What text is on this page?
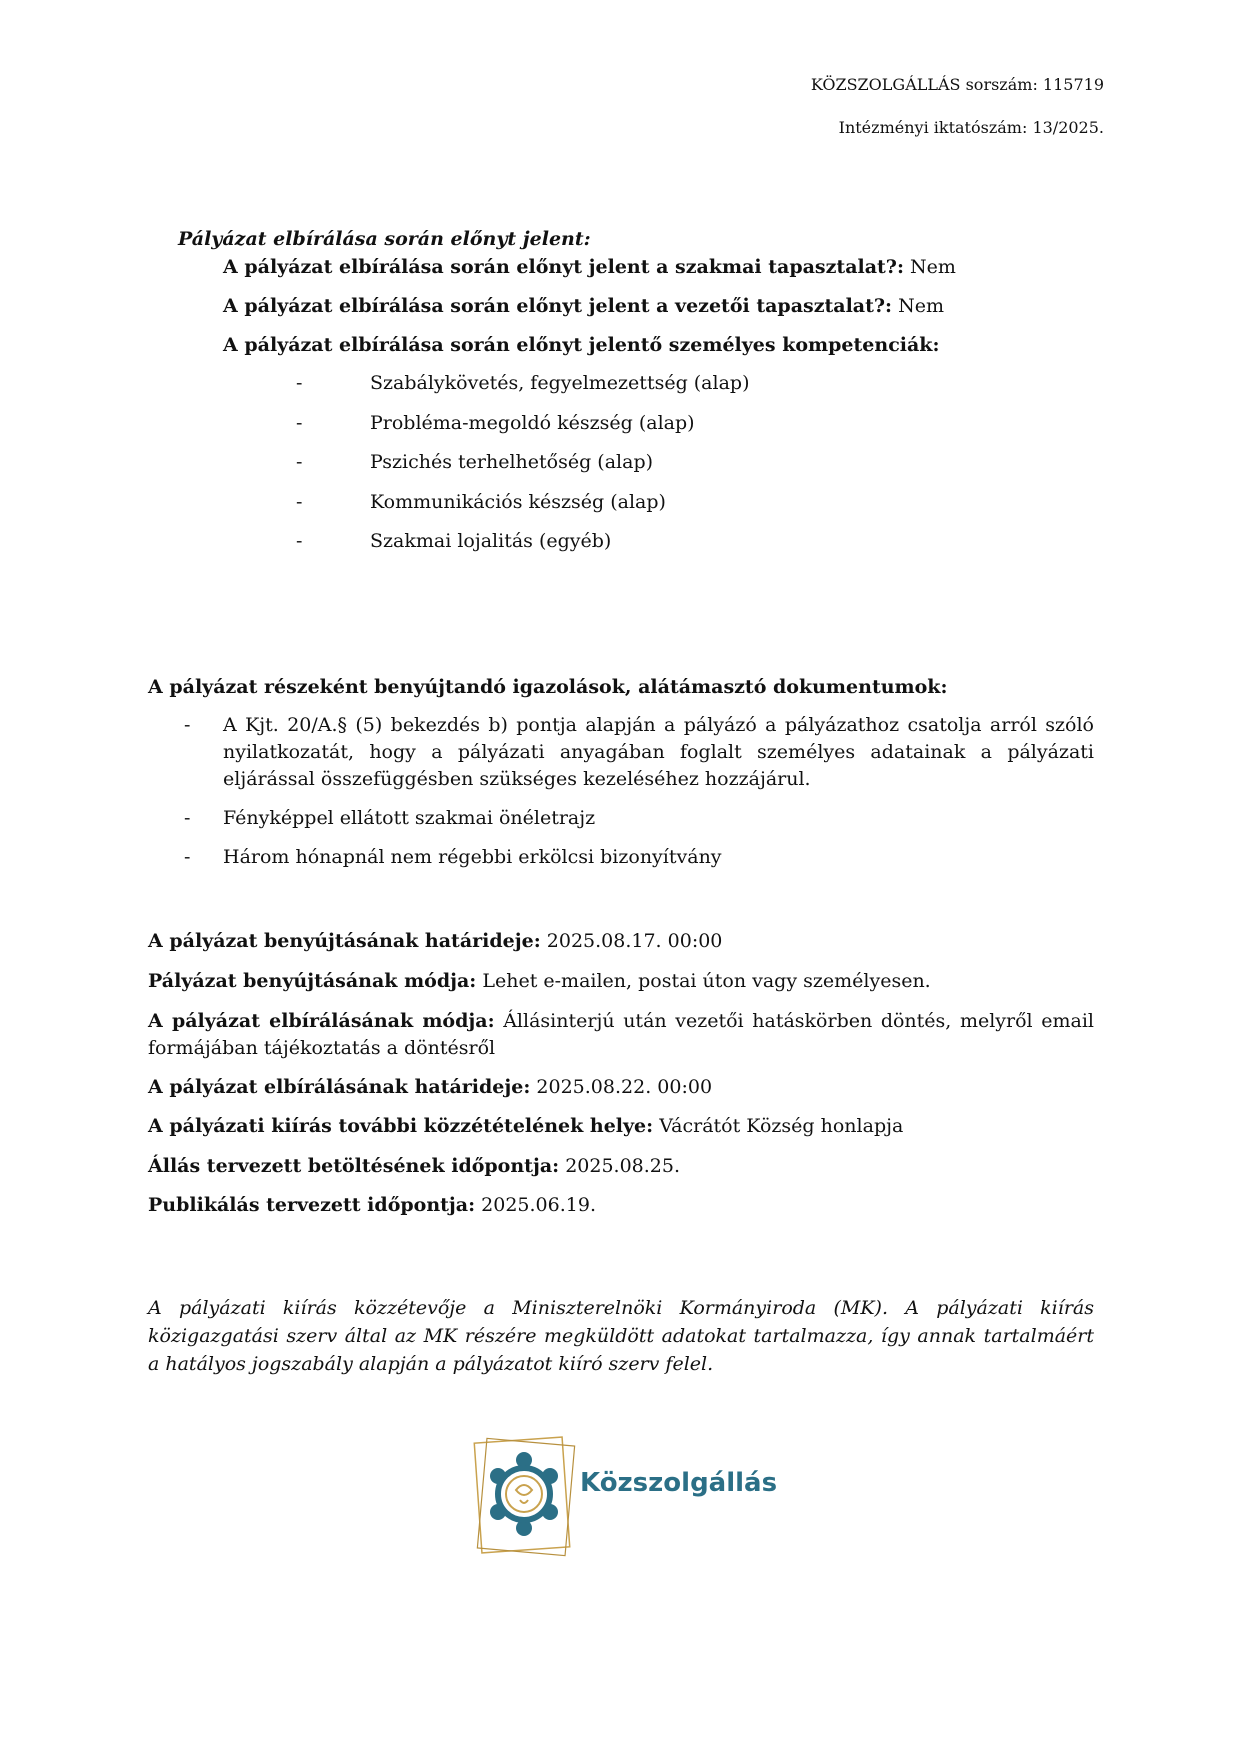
KÖZSZOLGÁLLÁS sorszám: 115719
Intézményi iktatószám: 13/2025.
Pályázat elbírálása során előnyt jelent:
A pályázat elbírálása során előnyt jelent a szakmai tapasztalat?: Nem
A pályázat elbírálása során előnyt jelent a vezetői tapasztalat?: Nem
A pályázat elbírálása során előnyt jelentő személyes kompetenciák:
-	Szabálykövetés, fegyelmezettség (alap)
-	Probléma-megoldó készség (alap)
-	Pszichés terhelhetőség (alap)
-	Kommunikációs készség (alap)
-	Szakmai lojalitás (egyéb)
A pályázat részeként benyújtandó igazolások, alátámasztó dokumentumok:
- A Kjt. 20/A.§ (5) bekezdés b) pontja alapján a pályázó a pályázathoz csatolja arról szóló nyilatkozatát, hogy a pályázati anyagában foglalt személyes adatainak a pályázati eljárással összefüggésben szükséges kezeléséhez hozzájárul.
- Fényképpel ellátott szakmai önéletrajz
- Három hónapnál nem régebbi erkölcsi bizonyítvány
A pályázat benyújtásának határideje: 2025.08.17. 00:00
Pályázat benyújtásának módja: Lehet e-mailen, postai úton vagy személyesen.
A pályázat elbírálásának módja: Állásinterjú után vezetői hatáskörben döntés, melyről email formájában tájékoztatás a döntésről
A pályázat elbírálásának határideje: 2025.08.22. 00:00
A pályázati kiírás további közzétételének helye: Vácrátót Község honlapja
Állás tervezett betöltésének időpontja: 2025.08.25.
Publikálás tervezett időpontja: 2025.06.19.
A pályázati kiírás közzétevője a Miniszterelnöki Kormányiroda (MK). A pályázati kiírás közigazgatási szerv által az MK részére megküldött adatokat tartalmazza, így annak tartalmáért a hatályos jogszabály alapján a pályázatot kiíró szerv felel.
Közszolgállás
